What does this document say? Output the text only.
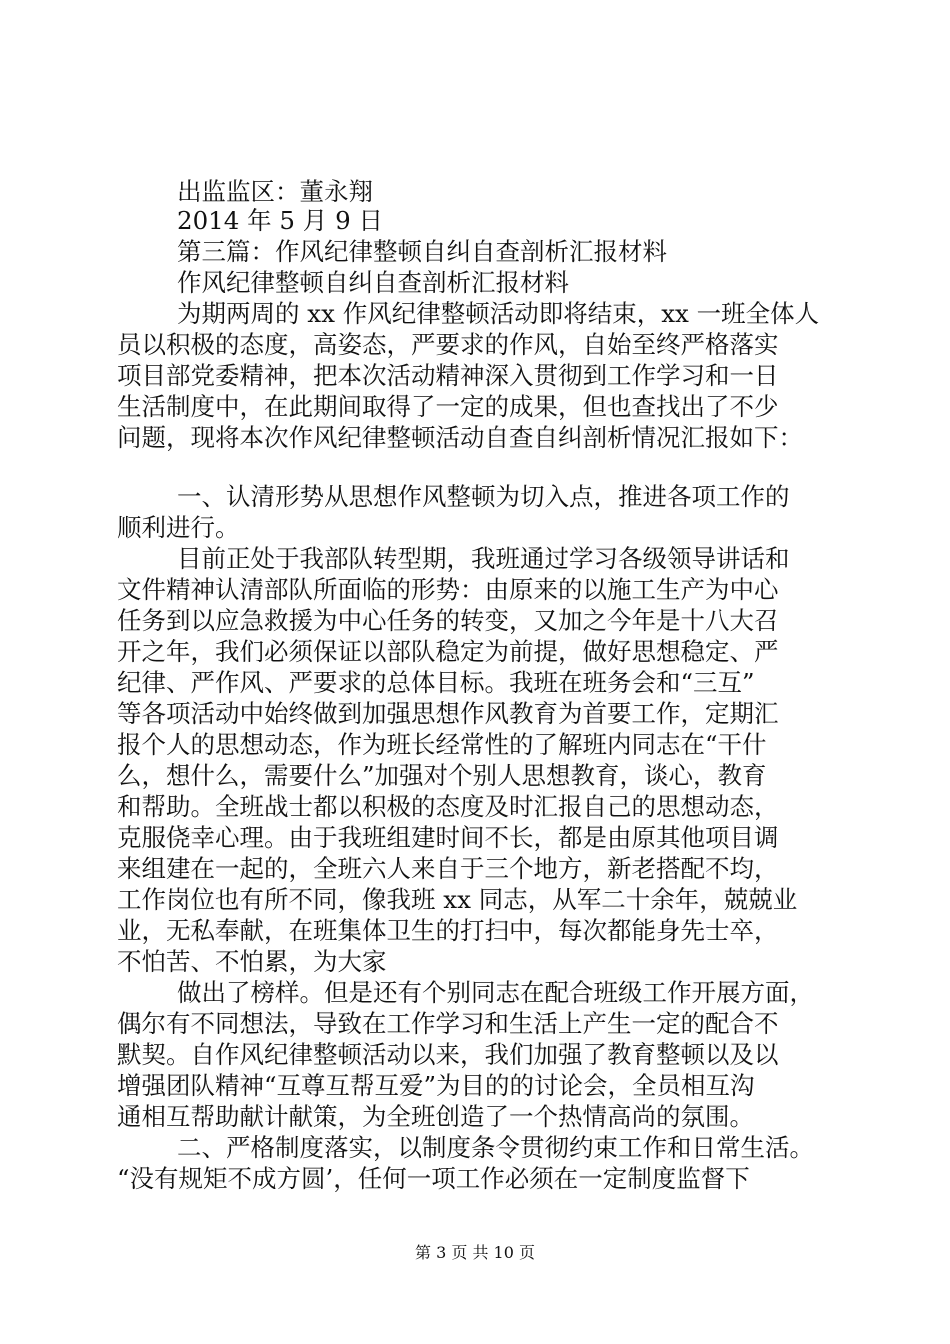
出监监区：董永翔
2014 年 5 月 9 日
第三篇：作风纪律整顿自纠自查剖析汇报材料
作风纪律整顿自纠自查剖析汇报材料
为期两周的 xx 作风纪律整顿活动即将结束，xx 一班全体人
员以积极的态度，高姿态，严要求的作风，自始至终严格落实
项目部党委精神，把本次活动精神深入贯彻到工作学习和一日
生活制度中，在此期间取得了一定的成果，但也查找出了不少
问题，现将本次作风纪律整顿活动自查自纠剖析情况汇报如下：
一、认清形势从思想作风整顿为切入点，推进各项工作的
顺利进行。
目前正处于我部队转型期，我班通过学习各级领导讲话和
文件精神认清部队所面临的形势：由原来的以施工生产为中心
任务到以应急救援为中心任务的转变，又加之今年是十八大召
开之年，我们必须保证以部队稳定为前提，做好思想稳定、严
纪律、严作风、严要求的总体目标。我班在班务会和“三互”
等各项活动中始终做到加强思想作风教育为首要工作，定期汇
报个人的思想动态，作为班长经常性的了解班内同志在“干什
么，想什么，需要什么”加强对个别人思想教育，谈心，教育
和帮助。全班战士都以积极的态度及时汇报自己的思想动态，
克服侥幸心理。由于我班组建时间不长，都是由原其他项目调
来组建在一起的，全班六人来自于三个地方，新老搭配不均，
工作岗位也有所不同，像我班 xx 同志，从军二十余年，兢兢业
业，无私奉献，在班集体卫生的打扫中，每次都能身先士卒，
不怕苦、不怕累，为大家
做出了榜样。但是还有个别同志在配合班级工作开展方面，
偶尔有不同想法，导致在工作学习和生活上产生一定的配合不
默契。自作风纪律整顿活动以来，我们加强了教育整顿以及以
增强团队精神“互尊互帮互爱”为目的的讨论会，全员相互沟
通相互帮助献计献策，为全班创造了一个热情高尚的氛围。
二、严格制度落实，以制度条令贯彻约束工作和日常生活。
“没有规矩不成方圆’，任何一项工作必须在一定制度监督下
第 3 页 共 10 页
